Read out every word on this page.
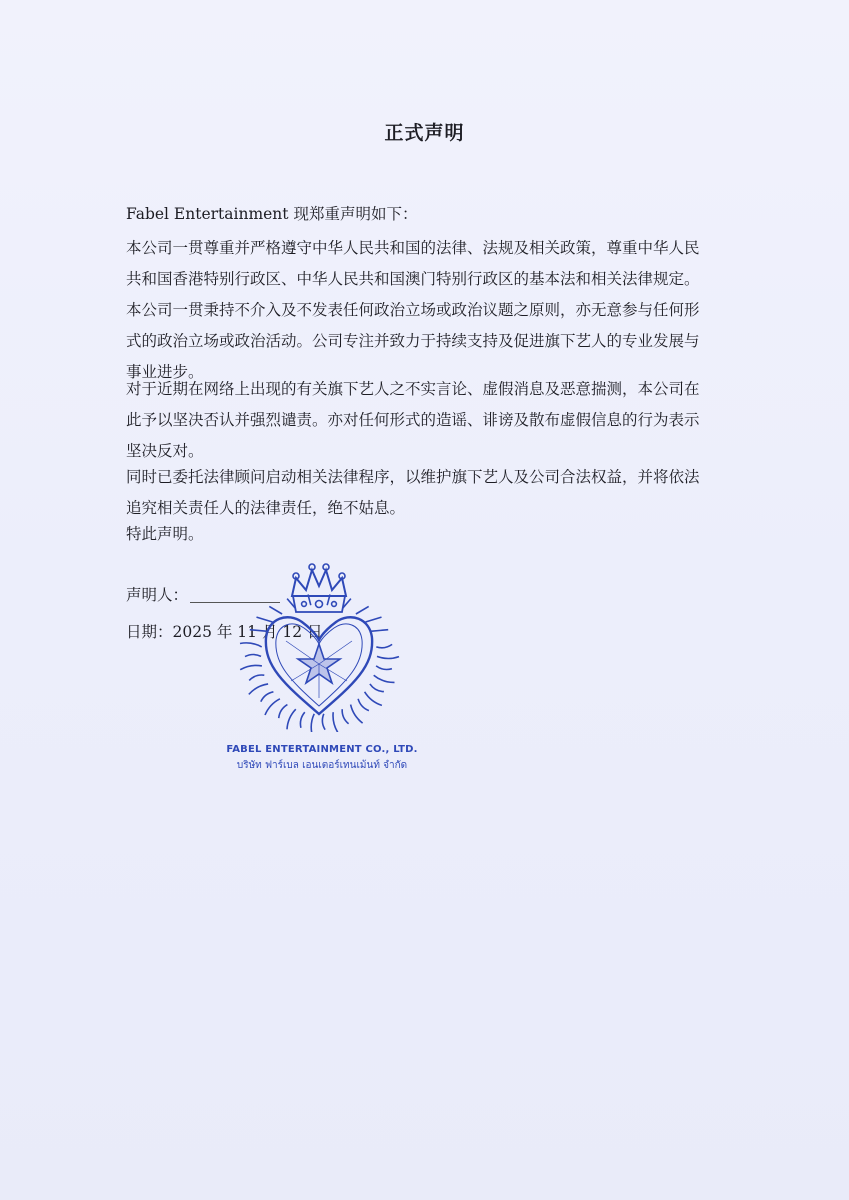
正式声明

Fabel Entertainment 现郑重声明如下：

本公司一贯尊重并严格遵守中华人民共和国的法律、法规及相关政策，尊重中华人民共和国香港特别行政区、中华人民共和国澳门特别行政区的基本法和相关法律规定。本公司一贯秉持不介入及不发表任何政治立场或政治议题之原则，亦无意参与任何形式的政治立场或政治活动。公司专注并致力于持续支持及促进旗下艺人的专业发展与事业进步。

对于近期在网络上出现的有关旗下艺人之不实言论、虚假消息及恶意揣测，本公司在此予以坚决否认并强烈谴责。亦对任何形式的造谣、诽谤及散布虚假信息的行为表示坚决反对。

同时已委托法律顾问启动相关法律程序，以维护旗下艺人及公司合法权益，并将依法追究相关责任人的法律责任，绝不姑息。

特此声明。

声明人：
日期：2025 年 11 月 12 日
FABEL ENTERTAINMENT CO., LTD.
บริษัท ฟาร์เบล เอนเตอร์เทนเม้นท์ จำกัด
